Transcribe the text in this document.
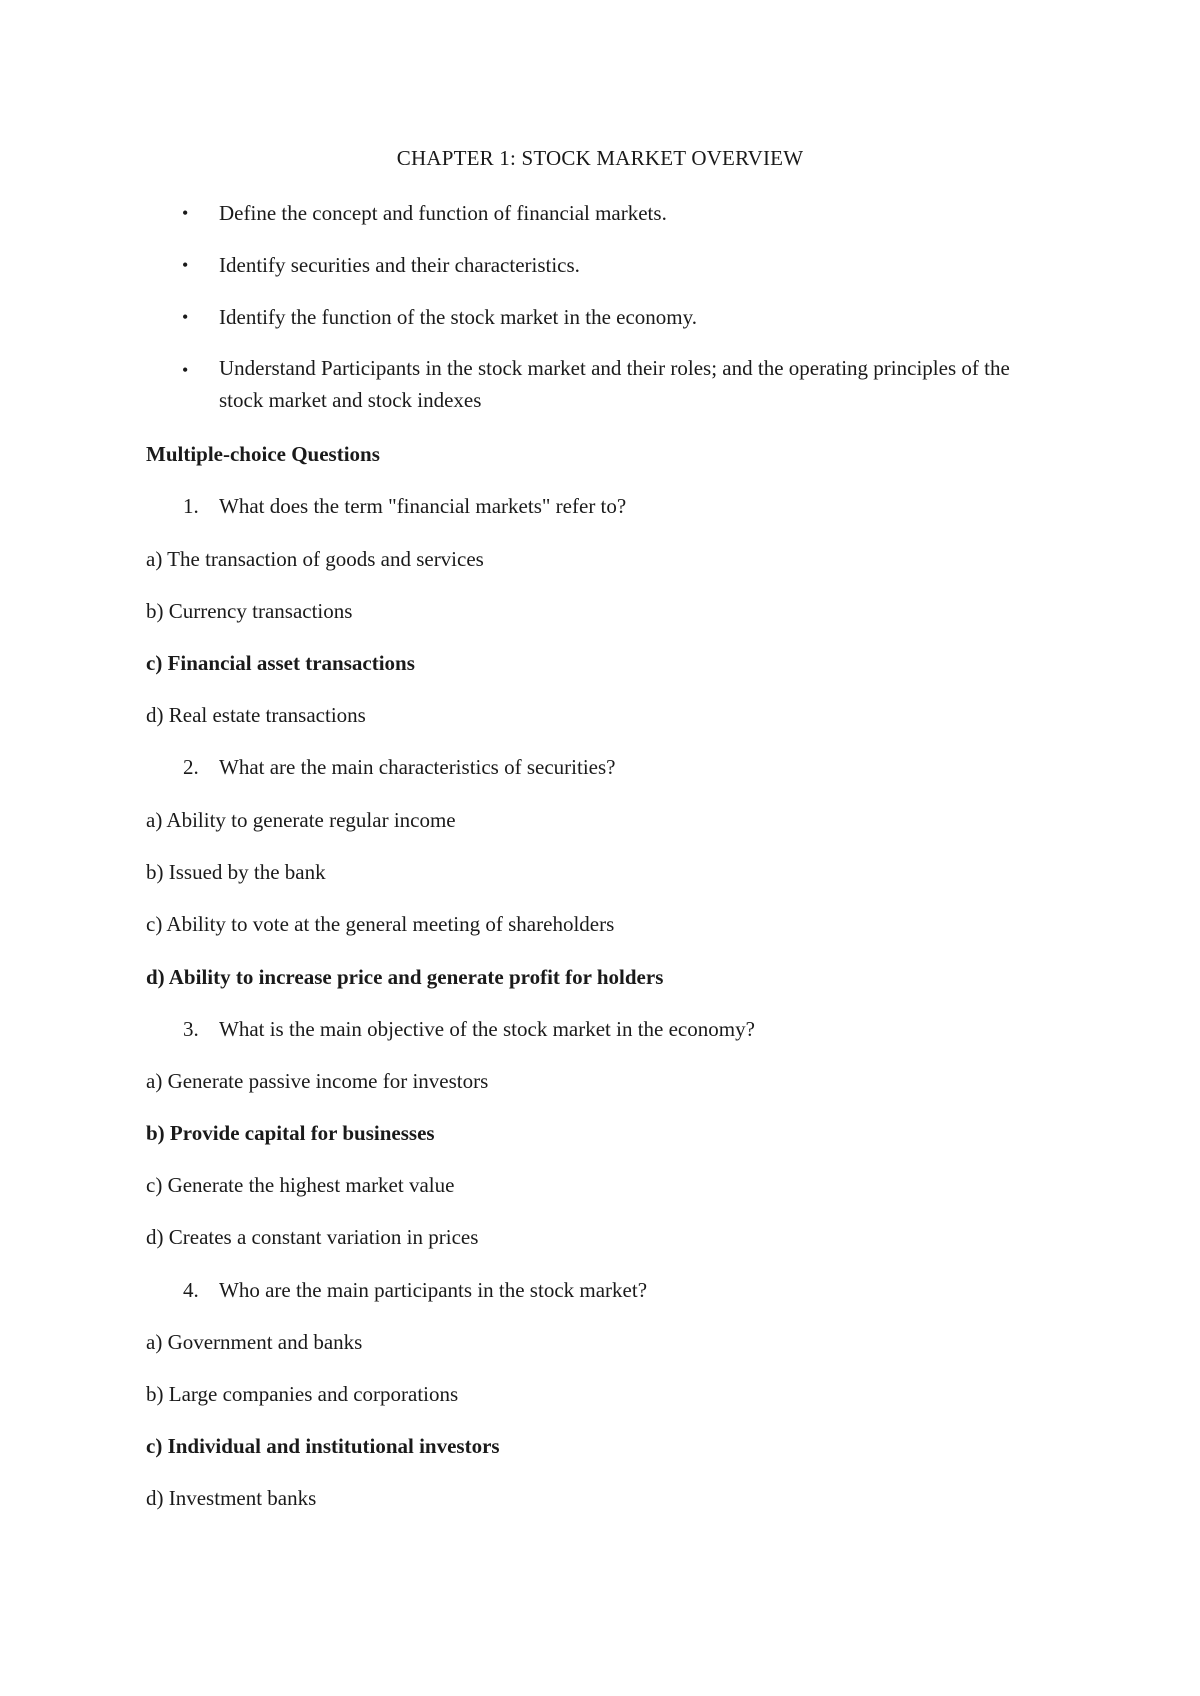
CHAPTER 1: STOCK MARKET OVERVIEW
• Define the concept and function of financial markets.
• Identify securities and their characteristics.
• Identify the function of the stock market in the economy.
• Understand Participants in the stock market and their roles; and the operating principles of the stock market and stock indexes
Multiple-choice Questions
1. What does the term "financial markets" refer to?
a) The transaction of goods and services
b) Currency transactions
c) Financial asset transactions
d) Real estate transactions
2. What are the main characteristics of securities?
a) Ability to generate regular income
b) Issued by the bank
c) Ability to vote at the general meeting of shareholders
d) Ability to increase price and generate profit for holders
3. What is the main objective of the stock market in the economy?
a) Generate passive income for investors
b) Provide capital for businesses
c) Generate the highest market value
d) Creates a constant variation in prices
4. Who are the main participants in the stock market?
a) Government and banks
b) Large companies and corporations
c) Individual and institutional investors
d) Investment banks
